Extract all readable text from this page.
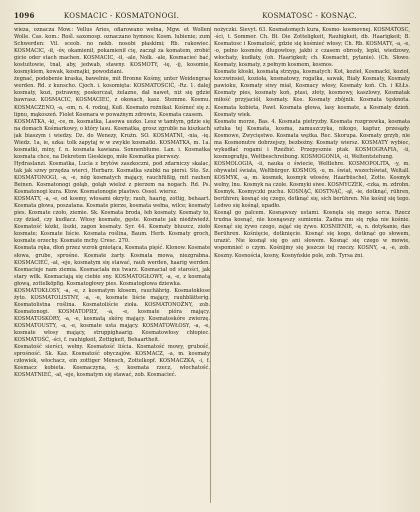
1096	KOSMACIC - KOSMATONOGI.	KOSMATOSC - KOSNĄC.

wieza, oznacza Mow.: Vellus Aries, ofiarowano wełna, Mgw. et Wollen Wolle. Cas. kom.: Rośl. saxonosp. oznaczano hymnos; Kosm. lubienie; zum Schwerden: Vil. sceob. no nekb. nosobi płaskimi; Rb. rakowiec. KOSMACIC, -ił, -óv, okamienił, pokamienił cię, zaczął za komatem, zrobić gicie oder stach machen. KOSMACIC, -ił, -ale, Nolk. -ale, Kosmacieć bać, kostuitowie, tnał, aby, jedwab, stawny. KOSMOTY, -ię, -ij, kosomie, kosmykiem, kowak, kosmajki, powodziani.

żegnać, podobenie kraska, bawelnie, mit Bronne Kośmy, unter Weidengras werden. Rd. z kunscho. Cjoch. i. kosomięta: KOSMATOŚCIĆ, -Rz. 1. dalej kosmaty, kozi, pstrawny, poskorczał, żelazne, dał nawet, niż się gdzie bawrasz. KOSMACIC, KOSMACIEC, z okonach, kasz. Stemme. Kosmu. KOSMACZENO, -a, -om, n. 4. rodzaj, Kuß. Kosmato rożnikał. Kośmeć się z. lipnu, mąkoszeń. Fiolet Kosmara w poważnym zdrowiu, Kosmata czasem.

KOSMATKA, -ki, -ce, m. kosmatka, Lasowa uszko. Lesz w tamtym, gdzie się na domach Kośmarkowy, o który lasu. Kosmatka, grosz zgruble na kiszkach jak biaszym i wiedzy. Dz. do Wenezy, Krużn. SO. KOSMATNI, -nia, -ię. Wiedz. 1a, ie, szka: tolk zapytaj w w zwykle kosmatki. KOSMATKA, m. 1a. kosmatki, miny, f. n. kosmata kawiana. Sonnenblume. Lan. i. Kosmatka kosmata chce, na Dekretem Gieskiego, miłe Kosmatka pierwszy.

Hydraslanzi. Kosmatka, Lucia z brytów zaszkoczni, pod zdarniczy skalac, tak jak szwy przędza wierci, Herbarz. Kosmatka szubki na piersi. Sto. Sz. KOSMATONOGI, -a, -e, nóg kosmatych mający, rauchfüßig, mit rauhen Beinen. Kosmatonogi gołąb, gołąb wieloż z pierzem na nogach. Rd. Ps. Kosmatonogi kura. Ktow. Kosmatonogie ptastwo. Ossol. wiersz.

KOSMATY, -a, -e, od kosmy, włosami okryty; rauh, haarig, zottig, behaart. Kosmata głowa, poszatana. Kosmate pierze, kosmata wełna, wilce; kosmaty pies. Kosmate czoło, ziemie. Sk. Kosmata broda, łeb kosmaty. Kosmaty to, czy dziad, czy kudłacz. Włosy kosmate, gęste. Kosmate jak niedźwiedź. Kosmatość kózki, liszki, zagon kosmaty. Syr. 44. Kosmaty bluszcz, zioło kosmate; Kosmate liście. Kosmata roślina, Baum. Herb. Kosmaty groch, kosmate orzechy. Kosmate mchy. Cresc. 270.

Kosmata ręka, dłoń przez wzrok gniotąca, Kosmata pięść. Klonow. Kosmate słowa, grube, sprośne. Kosmate żarty. Kosmata mowa, niezgrabna. KOSMACIEĆ, -ał, -eje, kosmatym się stawać, rauh werden, haarig werden. Kosmacieje nam ziemia. Kosmaciała mu twarz. Kosmaciał od starości, jak stary wilk. Kosmaciają się ciebie sny. KOSMATOGŁOWY, -a, -e, z kosmatą głową, zottelköpfig. Kosmatogłowy pies. Kosmatogłowa dziewka.

KOSMATOKŁOSY, -a, -e, z kosmatym kłosem, rauchährig. Kosmatokłose żyto. KOSMATOLISTNY, -a, -e, kosmate liście mający, rauhblätterig. Kosmatolistna roślina. Kosmatoliście zioła. KOSMATONOŻNY, zob. Kosmatonogi. KOSMATOPIŁY, -a, -e, kosmate pióra mający. KOSMATOSKÓRY, -a, -e, kosmatą skórę mający. Kosmatoskóre zwierzę. KOSMATOUSTY, -a, -e, kosmate usta mający. KOSMATOWŁOSY, -a, -e, kosmate włosy mający, struppighaarig. Kosmatowłosy chłopiec. KOSMATOŚĆ, -ści, f. rauhigkeit, Zottigkeit, Behaartheit.

Kosmatość sierści, wełny. Kosmatość liścia. Kosmatość mowy, grubość, sprośność. Sk. Kaz. Kosmatość obyczajów. KOSMACZ, -a, m. kosmaty człowiek, włochacz, ein zottiger Mensch, Zottelkopf. KOSMACZKA, -i, f. Kosmacz kobieta. Kosmaczyna, -y, kosmata rzecz, włochatość. KOSMATNIEĆ, -ał, -eje, kosmatym się stawać, zob. Kosmacieć.

nożyczki. Sievyt. 63. Kosmatomęch kura, Kosmo- kosmovnej. KOSMATOŚC, -ści, t. Sommer. Ch. Bł. Die Zotteligkeit, Rauhigkeit, db. Haarigkeit; B. Kosmatosc i Kosmatość, gdzie się kośmieć włosy; Ch. Rb. KOSMATY, -a, -e, -o, pełno kosmów, długowłosy, jakbi z czasem obrosły, lepki, wiedzowy, włochaty, kudłaty, (oh. Haarigkeit; ch. Kosmacht, pytanie). (Ch. Słowo. Kosmaty, kosmaty, z pełnym kosmem, kosmos.

Kosmate kłoski, kosmatą strzyga, kosmatych: Kot, kozieł, Kosmacki, kozioł, koczwinsiel, kozioła, kosmatowy, rogatka, sawak, Biały Kosmaty, Kosmaty pawioku, Kosmaty siwy miał, Kosmacy włosy, Kosmaty koń. Ch. i KŁŁs. Kosmaty pies, kosmaty koń, ptasi, złoty, kosmowy, kaszlowy, Kosmatak miłość przyjaciół, kosmaty. Kos. Kosmaty zbójnik. Kosmata tęsknota. Kosmata kobieta, Pawł. Kosmata głowa, lasy kosmate, a Kosmaty dzień. Kosmaty wiek.

Kosmate morze, Bas. 4. Kosmata pietryzby. Kosmata rozgrzewka, kosmata sztuka tej Kosmata, kosma, zamuszczyka, nikogo, kaptur, przesądy. Kosmowe, Zwycięstwo. Kosmata wężka. Rec. Skorupa. Kosmaty grzyb, nie ma Kosmonutre dobrzejszy, bezbożny. Kosmaty wiersz. KOSMATY wybiec, wykudłać rogami i Rzeźbić. Przepysznie ptak. KOSMOGRAFIA, -ii, kosmografiju, Weltbeschreibung. KOSMOGONIA, -ii, Weltentstehung.

KOSMOLOGIA, -ii, nauka o świecie, Weltlehre. KOSMOPOLITA, -y, m. obywatel świata, Weltbürger. KOSMOS, -u, m. świat, wszechświat, Weltall. KOSMYK, -a, m. kosmek, kosmyk włosów, Haarbüschel, Zotte. Kosmyk wełny, lnu. Kosmyk na czole. Kosmyki siwe. KOSMYCZEK, -czka, m. zdrobn. Kosmyk. Kosmyczki puchu. KOSNĄĆ, KOSTNĄĆ, -ął, -ie, dotknąć, rühren, berühren; kosnąć się czego, dotknąć się, sich berühren. Nie kośnij się tego. Ledwo się kośnął, upadło.

Kosnął go palcem. Kosnąwszy ustami. Kosnęła się mego serca. Rzecz trudna kosnąć, nie kosnąwszy sumienia. Żadna mu się ręka nie kośnie. Kosnąć się żywo czego, zająć się żywo. KOSNIENIE, -a, n. dotykanie, das Berühren. Kośnięcie, dotknięcie. Kosnąć się kogo, dotknąć go słowem, urazić. Nie kosnął się go ani słowem. Kosnąć się czego w mowie, wspomnieć o czym. Kośnijmy się jeszcze tej rzeczy. KOSNY, -a, -e, zob. Koszny. Kosnościa, kosny, Kosnyńskie pole, zob. Tyrsa żni.
